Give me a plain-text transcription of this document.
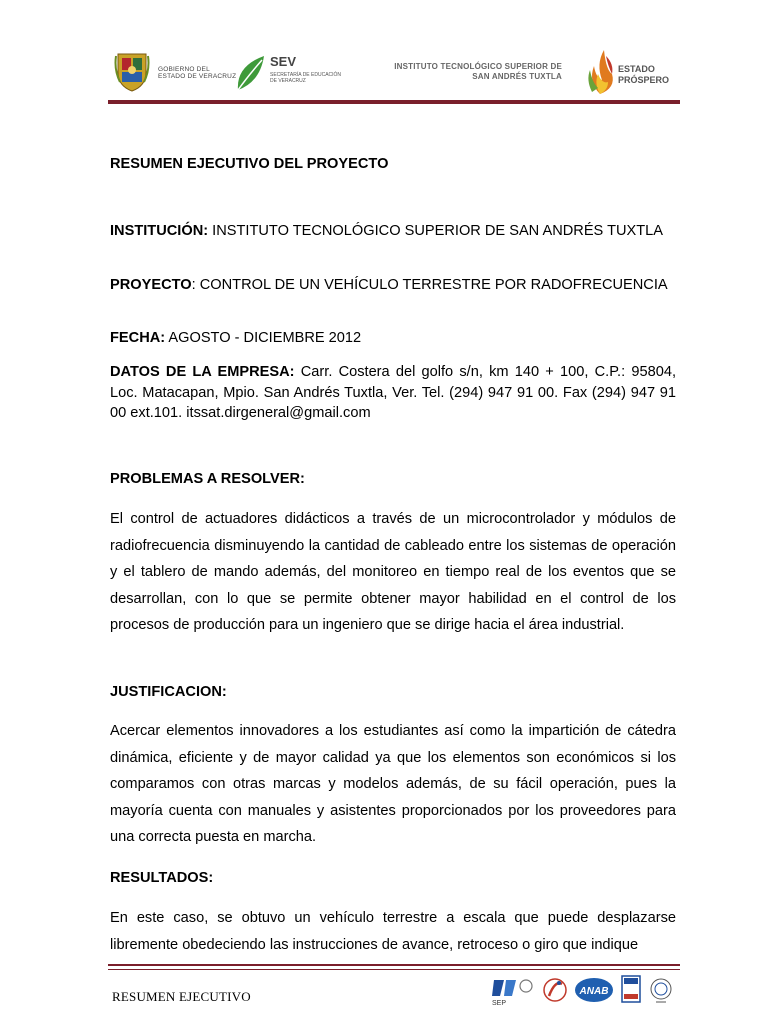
GOBIERNO DEL
ESTADO DE VERACRUZ
SEV
SECRETARÍA DE EDUCACIÓN
DE VERACRUZ
INSTITUTO TECNOLÓGICO SUPERIOR DE
SAN ANDRÉS TUXTLA
ESTADO
PRÓSPERO

RESUMEN EJECUTIVO DEL PROYECTO

INSTITUCIÓN: INSTITUTO TECNOLÓGICO SUPERIOR DE SAN ANDRÉS TUXTLA

PROYECTO: CONTROL DE UN VEHÍCULO TERRESTRE POR RADOFRECUENCIA

FECHA: AGOSTO - DICIEMBRE 2012

DATOS DE LA EMPRESA: Carr. Costera del golfo s/n, km 140 + 100, C.P.: 95804, Loc. Matacapan, Mpio. San Andrés Tuxtla, Ver. Tel. (294) 947 91 00. Fax (294) 947 91 00 ext.101. itssat.dirgeneral@gmail.com

PROBLEMAS A RESOLVER:

El control de actuadores didácticos a través de un microcontrolador y módulos de radiofrecuencia disminuyendo la cantidad de cableado entre los sistemas de operación y el tablero de mando además, del monitoreo en tiempo real de los eventos que se desarrollan, con lo que se permite obtener mayor habilidad en el control de los procesos de producción para un ingeniero que se dirige hacia el área industrial.

JUSTIFICACION:

Acercar elementos innovadores a los estudiantes así como la impartición de cátedra dinámica, eficiente y de mayor calidad ya que los elementos son económicos si los comparamos con otras marcas y modelos además, de su fácil operación, pues la mayoría cuenta con manuales y asistentes proporcionados por los proveedores para una correcta puesta en marcha.

RESULTADOS:

En este caso, se obtuvo un vehículo terrestre a escala que puede desplazarse libremente obedeciendo las instrucciones de avance, retroceso o giro que indique

RESUMEN EJECUTIVO	SEP
ANAB
